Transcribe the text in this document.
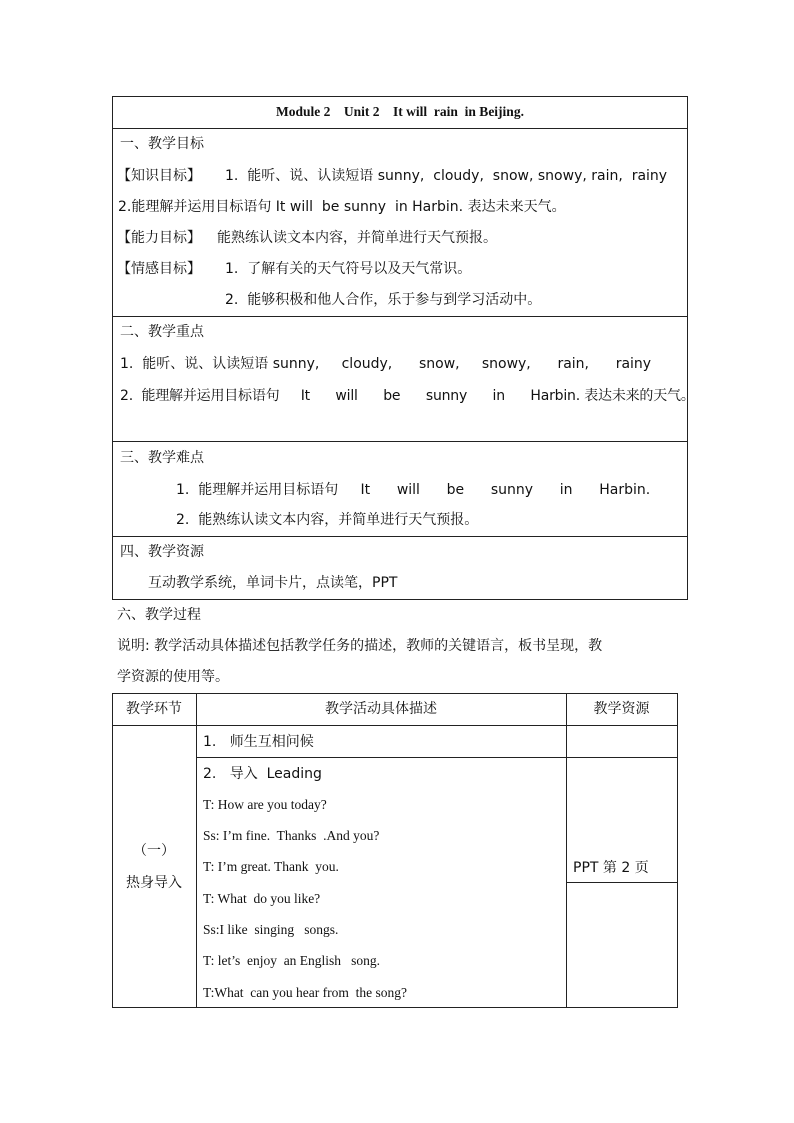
Module 2    Unit 2    It will  rain  in Beijing.
一、教学目标
【知识目标】 1.  能听、说、认读短语 sunny,  cloudy,  snow, snowy, rain,  rainy
2.能理解并运用目标语句 It will  be sunny  in Harbin. 表达未来天气。
【能力目标】 能熟练认读文本内容，并简单进行天气预报。
【情感目标】 1.  了解有关的天气符号以及天气常识。
2.  能够积极和他人合作，乐于参与到学习活动中。
二、教学重点
1.  能听、说、认读短语 sunny,     cloudy,      snow,     snowy,      rain,      rainy
2.  能理解并运用目标语句     It      will      be      sunny      in      Harbin. 表达未来的天气。
三、教学难点
1.  能理解并运用目标语句     It      will      be      sunny      in      Harbin.
2.  能熟练认读文本内容，并简单进行天气预报。
四、教学资源
互动教学系统，单词卡片，点读笔，PPT
六、教学过程
说明: 教学活动具体描述包括教学任务的描述，教师的关键语言，板书呈现，教
学资源的使用等。
教学环节	教学活动具体描述	教学资源
（一）
热身导入
1.   师生互相问候
2.   导入  Leading
T: How are you today?
Ss: I’m fine.  Thanks  .And you?
T: I’m great. Thank  you.
T: What  do you like?
Ss:I like  singing   songs.
T: let’s  enjoy  an English   song.
T:What  can you hear from  the song?
PPT 第 2 页
